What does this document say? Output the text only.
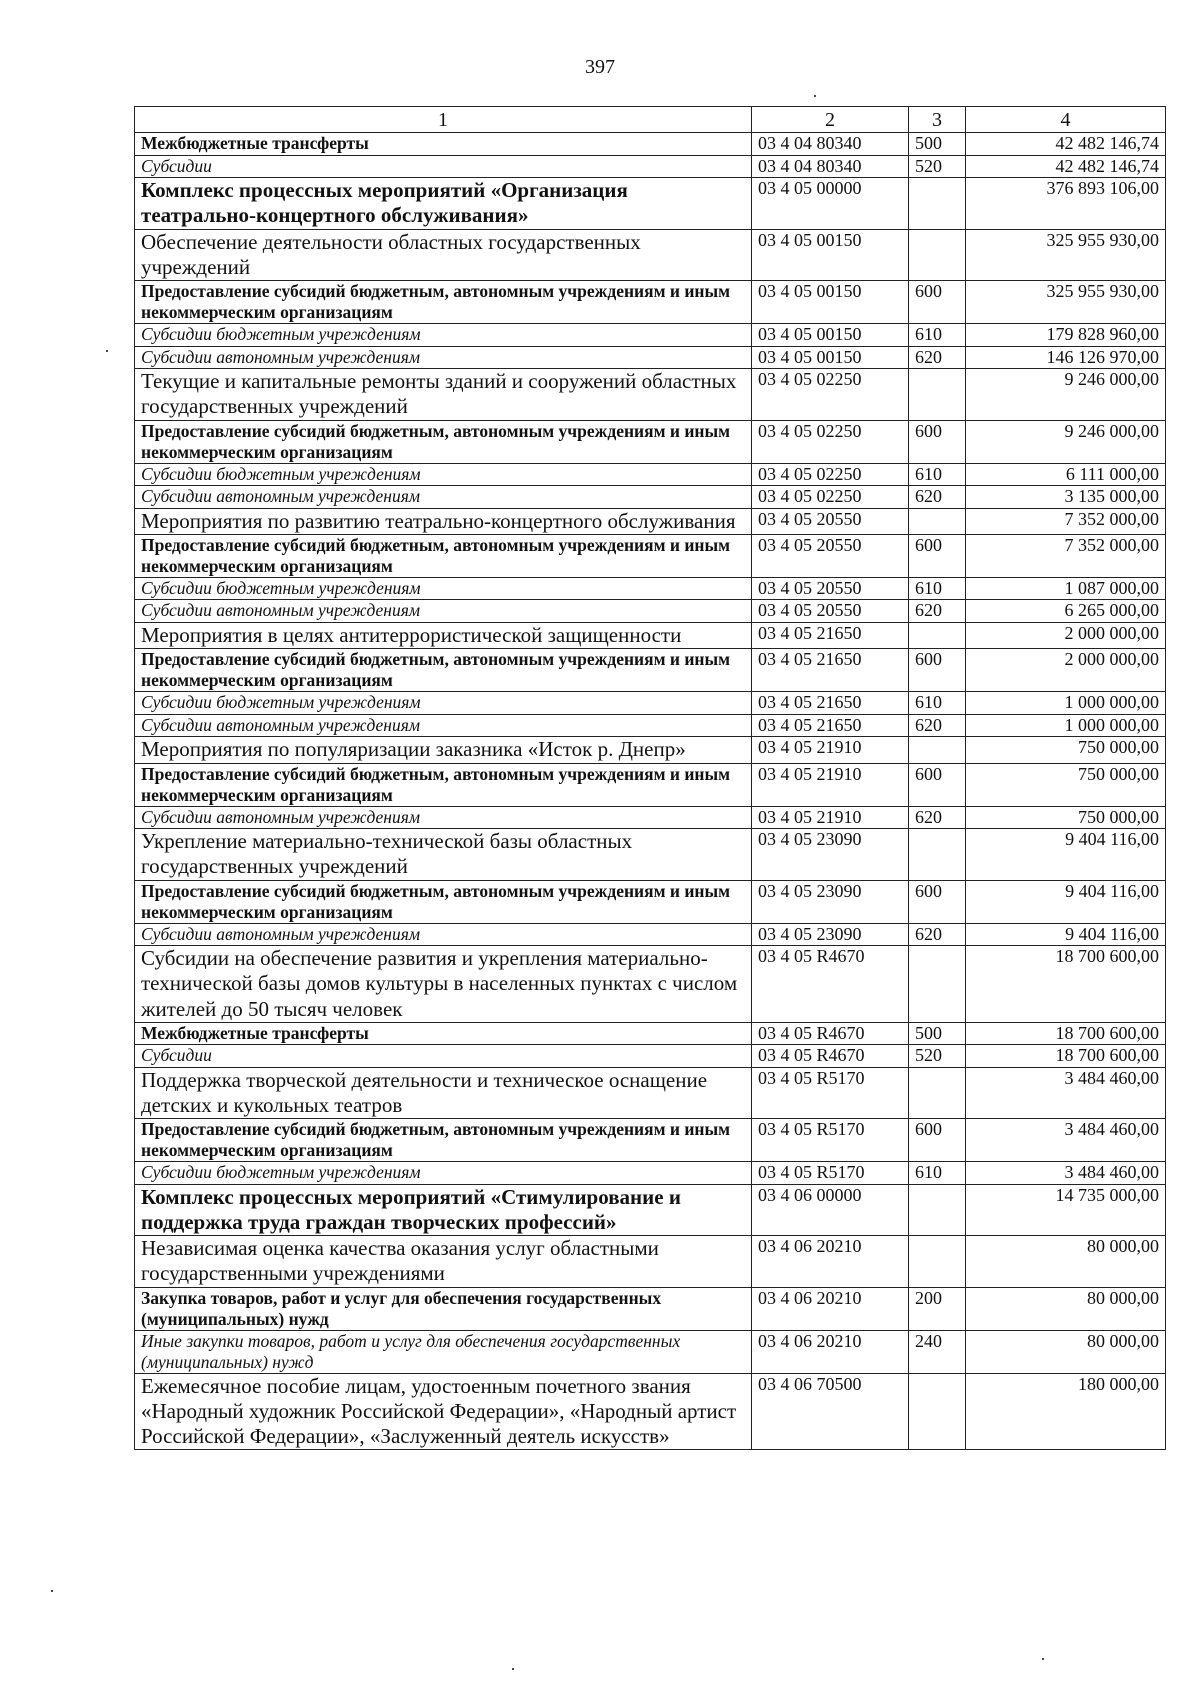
397
1	2	3	4
Межбюджетные трансферты	03 4 04 80340	500	42 482 146,74
Субсидии	03 4 04 80340	520	42 482 146,74
Комплекс процессных мероприятий «Организация театрально-концертного обслуживания»	03 4 05 00000		376 893 106,00
Обеспечение деятельности областных государственных учреждений	03 4 05 00150		325 955 930,00
Предоставление субсидий бюджетным, автономным учреждениям и иным некоммерческим организациям	03 4 05 00150	600	325 955 930,00
Субсидии бюджетным учреждениям	03 4 05 00150	610	179 828 960,00
Субсидии автономным учреждениям	03 4 05 00150	620	146 126 970,00
Текущие и капитальные ремонты зданий и сооружений областных государственных учреждений	03 4 05 02250		9 246 000,00
Предоставление субсидий бюджетным, автономным учреждениям и иным некоммерческим организациям	03 4 05 02250	600	9 246 000,00
Субсидии бюджетным учреждениям	03 4 05 02250	610	6 111 000,00
Субсидии автономным учреждениям	03 4 05 02250	620	3 135 000,00
Мероприятия по развитию театрально-концертного обслуживания	03 4 05 20550		7 352 000,00
Предоставление субсидий бюджетным, автономным учреждениям и иным некоммерческим организациям	03 4 05 20550	600	7 352 000,00
Субсидии бюджетным учреждениям	03 4 05 20550	610	1 087 000,00
Субсидии автономным учреждениям	03 4 05 20550	620	6 265 000,00
Мероприятия в целях антитеррористической защищенности	03 4 05 21650		2 000 000,00
Предоставление субсидий бюджетным, автономным учреждениям и иным некоммерческим организациям	03 4 05 21650	600	2 000 000,00
Субсидии бюджетным учреждениям	03 4 05 21650	610	1 000 000,00
Субсидии автономным учреждениям	03 4 05 21650	620	1 000 000,00
Мероприятия по популяризации заказника «Исток р. Днепр»	03 4 05 21910		750 000,00
Предоставление субсидий бюджетным, автономным учреждениям и иным некоммерческим организациям	03 4 05 21910	600	750 000,00
Субсидии автономным учреждениям	03 4 05 21910	620	750 000,00
Укрепление материально-технической базы областных государственных учреждений	03 4 05 23090		9 404 116,00
Предоставление субсидий бюджетным, автономным учреждениям и иным некоммерческим организациям	03 4 05 23090	600	9 404 116,00
Субсидии автономным учреждениям	03 4 05 23090	620	9 404 116,00
Субсидии на обеспечение развития и укрепления материально-технической базы домов культуры в населенных пунктах с числом жителей до 50 тысяч человек	03 4 05 R4670		18 700 600,00
Межбюджетные трансферты	03 4 05 R4670	500	18 700 600,00
Субсидии	03 4 05 R4670	520	18 700 600,00
Поддержка творческой деятельности и техническое оснащение детских и кукольных театров	03 4 05 R5170		3 484 460,00
Предоставление субсидий бюджетным, автономным учреждениям и иным некоммерческим организациям	03 4 05 R5170	600	3 484 460,00
Субсидии бюджетным учреждениям	03 4 05 R5170	610	3 484 460,00
Комплекс процессных мероприятий «Стимулирование и поддержка труда граждан творческих профессий»	03 4 06 00000		14 735 000,00
Независимая оценка качества оказания услуг областными государственными учреждениями	03 4 06 20210		80 000,00
Закупка товаров, работ и услуг для обеспечения государственных (муниципальных) нужд	03 4 06 20210	200	80 000,00
Иные закупки товаров, работ и услуг для обеспечения государственных (муниципальных) нужд	03 4 06 20210	240	80 000,00
Ежемесячное пособие лицам, удостоенным почетного звания «Народный художник Российской Федерации», «Народный артист Российской Федерации», «Заслуженный деятель искусств»	03 4 06 70500		180 000,00
